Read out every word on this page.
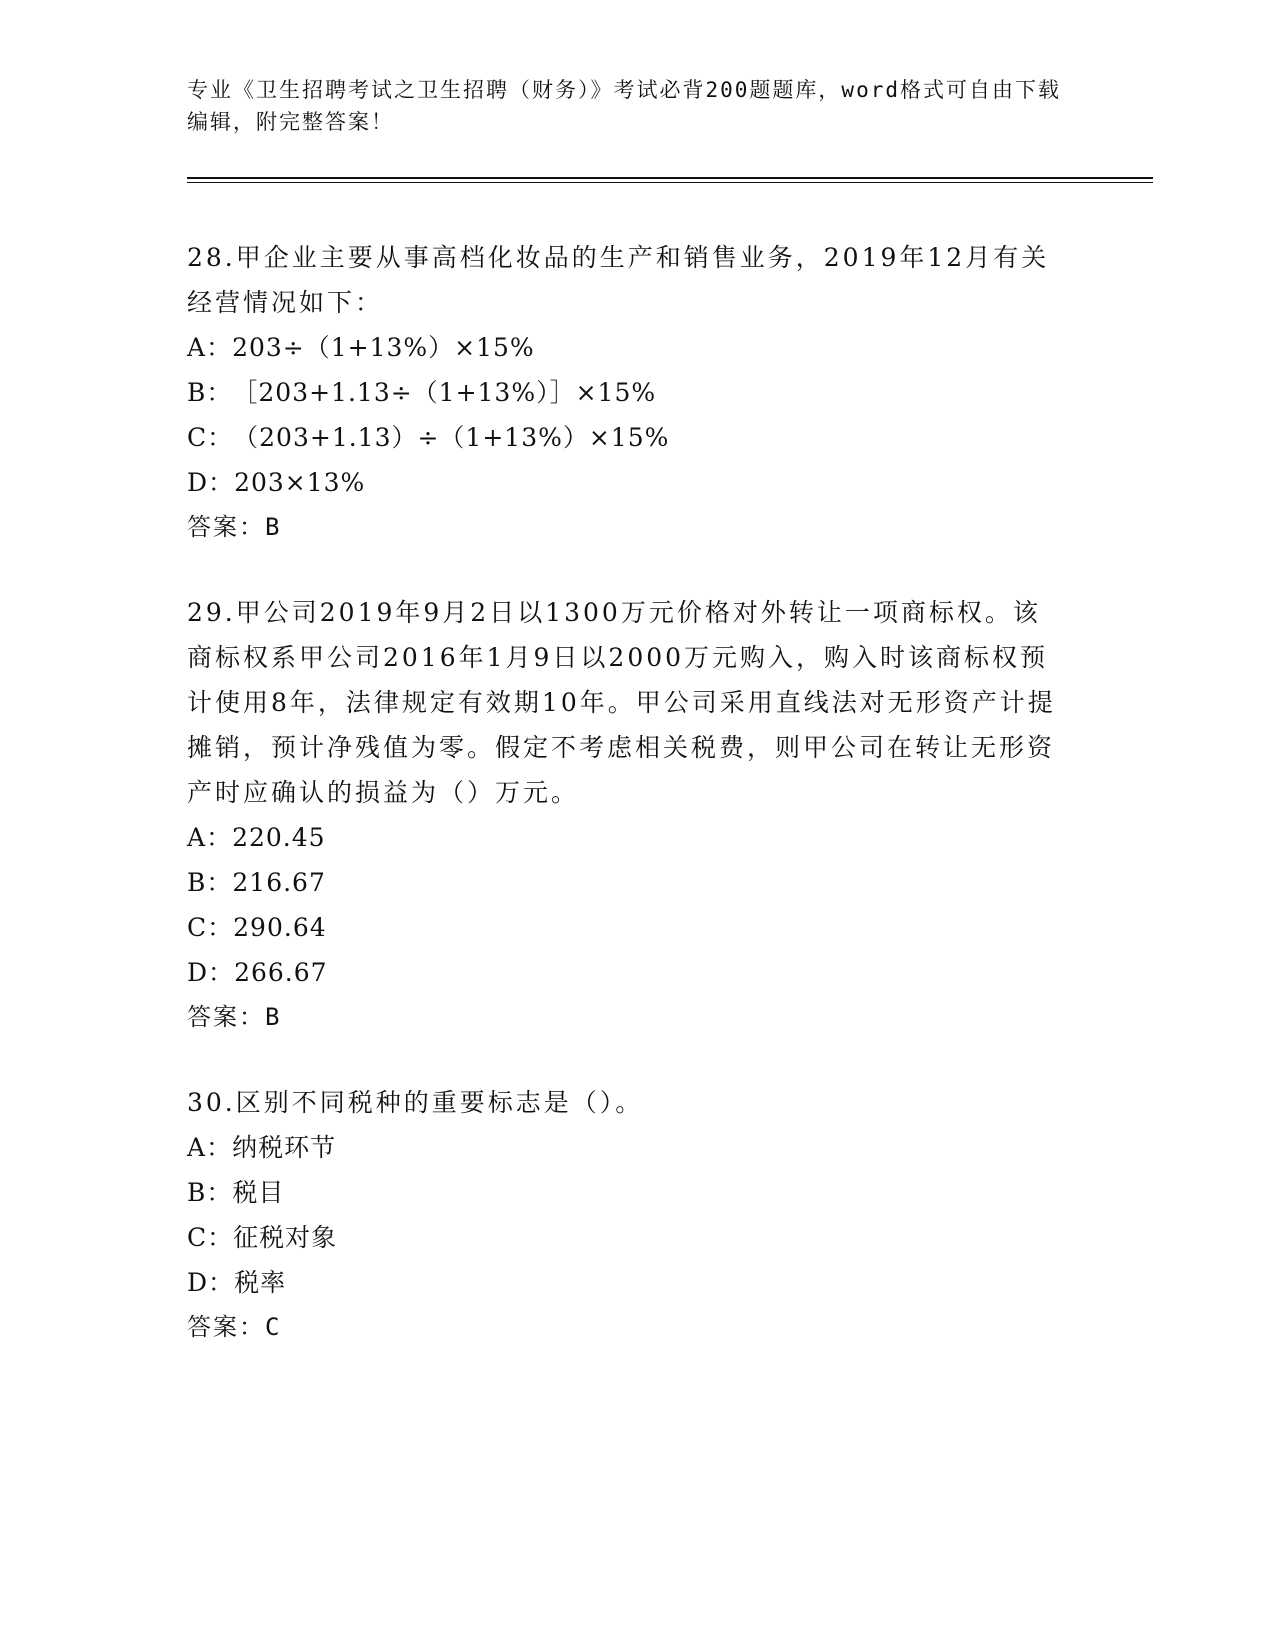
专业《卫生招聘考试之卫生招聘（财务）》考试必背200题题库，word格式可自由下载编辑，附完整答案！

28.甲企业主要从事高档化妆品的生产和销售业务，2019年12月有关经营情况如下：

A：203÷（1+13%）×15%

B：［203+1.13÷（1+13%）］×15%

C：（203+1.13）÷（1+13%）×15%

D：203×13%

答案：B

29.甲公司2019年9月2日以1300万元价格对外转让一项商标权。该商标权系甲公司2016年1月9日以2000万元购入，购入时该商标权预计使用8年，法律规定有效期10年。甲公司采用直线法对无形资产计提摊销，预计净残值为零。假定不考虑相关税费，则甲公司在转让无形资产时应确认的损益为（）万元。

A：220.45

B：216.67

C：290.64

D：266.67

答案：B

30.区别不同税种的重要标志是（）。

A：纳税环节

B：税目

C：征税对象

D：税率

答案：C
